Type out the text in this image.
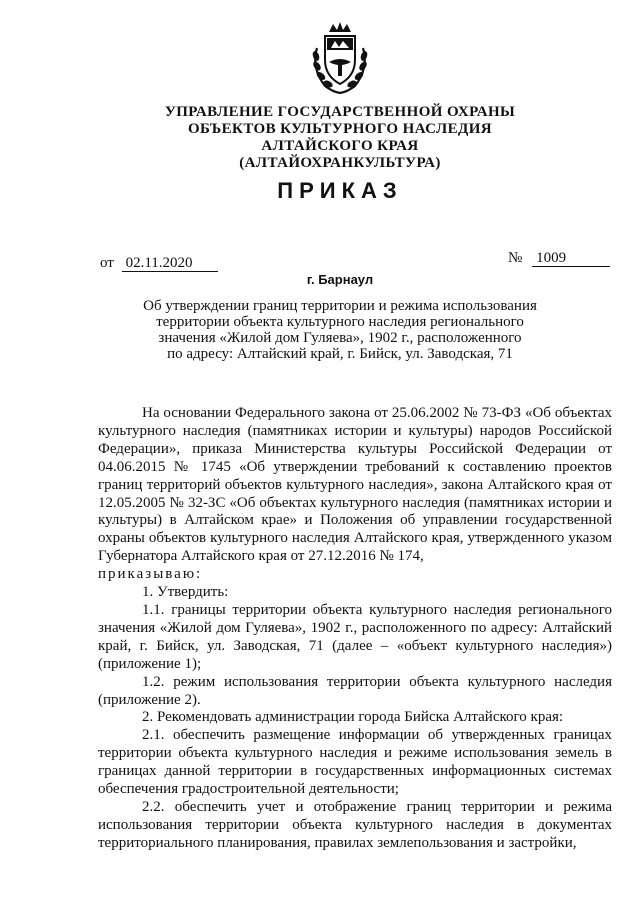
УПРАВЛЕНИЕ ГОСУДАРСТВЕННОЙ ОХРАНЫ
ОБЪЕКТОВ КУЛЬТУРНОГО НАСЛЕДИЯ
АЛТАЙСКОГО КРАЯ
(АЛТАЙОХРАНКУЛЬТУРА)
ПРИКАЗ
от 02.11.2020	№ 1009
г. Барнаул
Об утверждении границ территории и режима использования
территории объекта культурного наследия регионального
значения «Жилой дом Гуляева», 1902 г., расположенного
по адресу: Алтайский край, г. Бийск, ул. Заводская, 71

На основании Федерального закона от 25.06.2002 № 73-ФЗ «Об объектах культурного наследия (памятниках истории и культуры) народов Российской Федерации», приказа Министерства культуры Российской Федерации от 04.06.2015 № 1745 «Об утверждении требований к составлению проектов границ территорий объектов культурного наследия», закона Алтайского края от 12.05.2005 № 32-ЗС «Об объектах культурного наследия (памятниках истории и культуры) в Алтайском крае» и Положения об управлении государственной охраны объектов культурного наследия Алтайского края, утвержденного указом Губернатора Алтайского края от 27.12.2016 № 174,

приказываю:

1. Утвердить:

1.1. границы территории объекта культурного наследия регионального значения «Жилой дом Гуляева», 1902 г., расположенного по адресу: Алтайский край, г. Бийск, ул. Заводская, 71 (далее – «объект культурного наследия») (приложение 1);

1.2. режим использования территории объекта культурного наследия (приложение 2).

2. Рекомендовать администрации города Бийска Алтайского края:

2.1. обеспечить размещение информации об утвержденных границах территории объекта культурного наследия и режиме использования земель в границах данной территории в государственных информационных системах обеспечения градостроительной деятельности;

2.2. обеспечить учет и отображение границ территории и режима использования территории объекта культурного наследия в документах территориального планирования, правилах землепользования и застройки,
